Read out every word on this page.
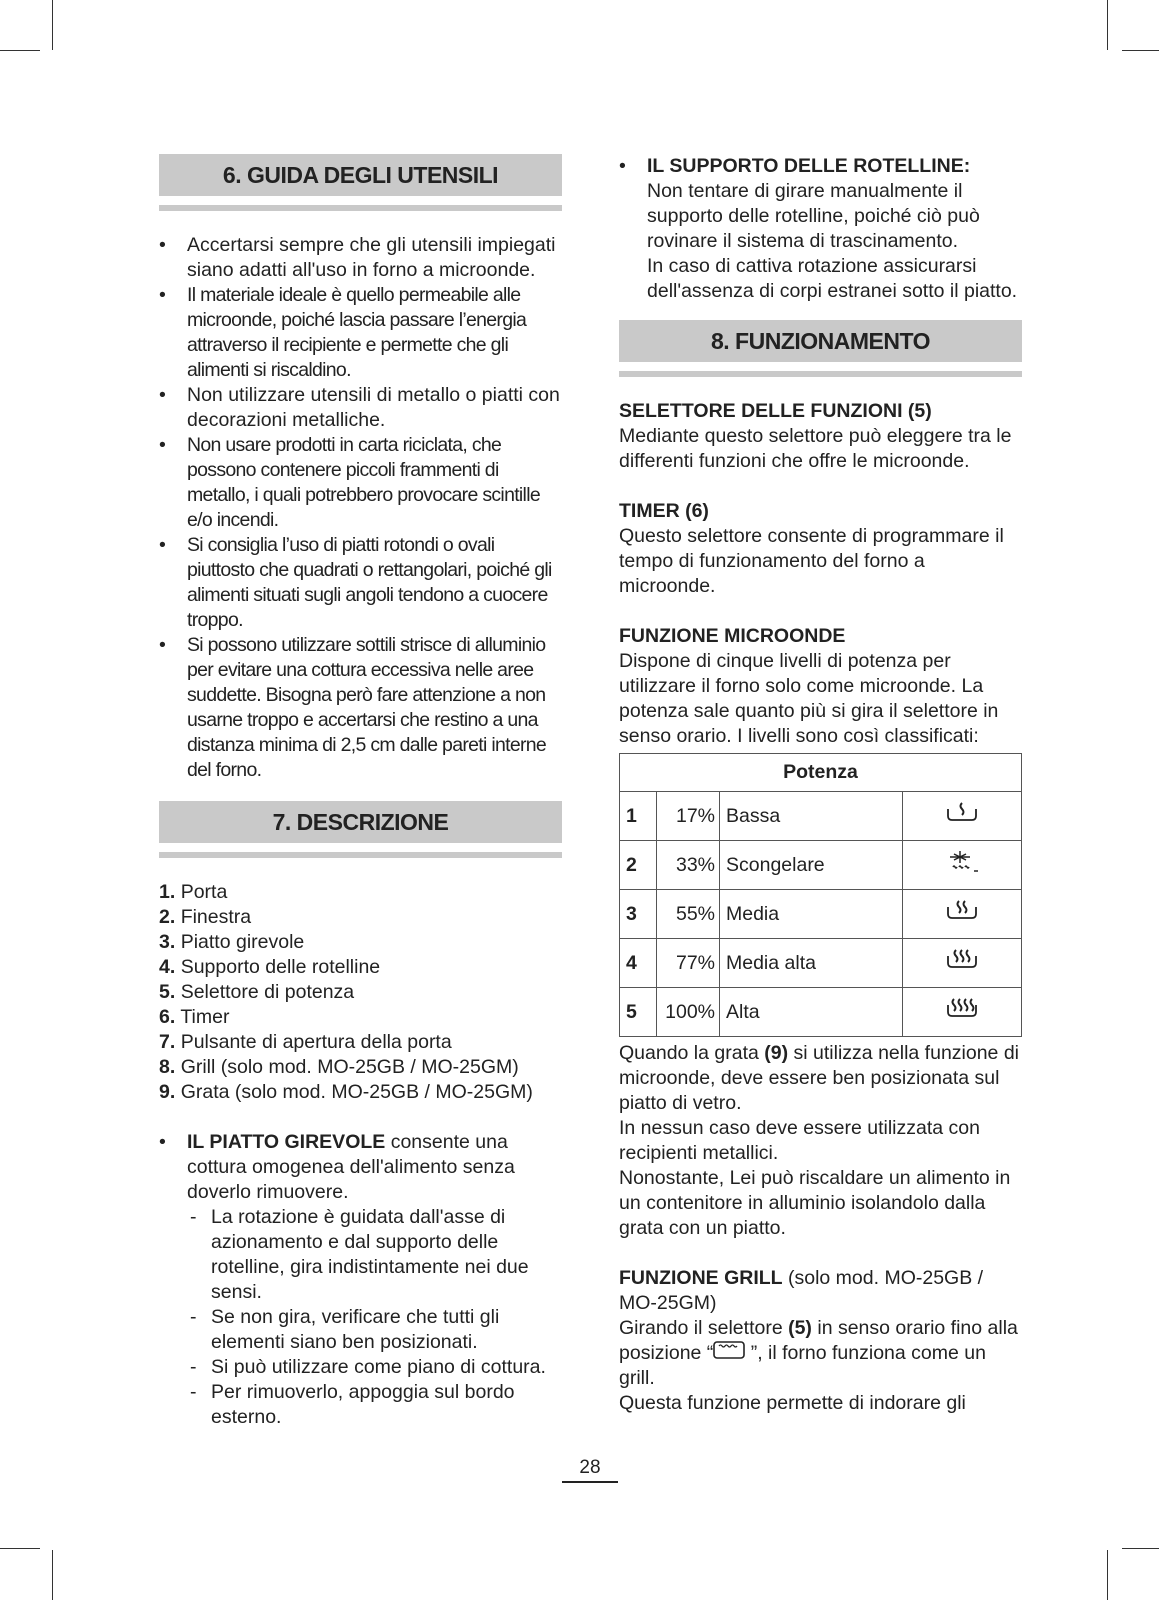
6. GUIDA DEGLI UTENSILI
• Accertarsi sempre che gli utensili impiegati siano adatti all'uso in forno a microonde.
• Il materiale ideale è quello permeabile alle microonde, poiché lascia passare l’energia attraverso il recipiente e permette che gli alimenti si riscaldino.
• Non utilizzare utensili di metallo o piatti con decorazioni metalliche.
• Non usare prodotti in carta riciclata, che possono contenere piccoli frammenti di metallo, i quali potrebbero provocare scintille e/o incendi.
• Si consiglia l’uso di piatti rotondi o ovali piuttosto che quadrati o rettangolari, poiché gli alimenti situati sugli angoli tendono a cuocere troppo.
• Si possono utilizzare sottili strisce di alluminio per evitare una cottura eccessiva nelle aree suddette. Bisogna però fare attenzione a non usarne troppo e accertarsi che restino a una distanza minima di 2,5 cm dalle pareti interne del forno.
7. DESCRIZIONE
1. Porta
2. Finestra
3. Piatto girevole
4. Supporto delle rotelline
5. Selettore di potenza
6. Timer
7. Pulsante di apertura della porta
8. Grill (solo mod. MO-25GB / MO-25GM)
9. Grata (solo mod. MO-25GB / MO-25GM)
• IL PIATTO GIREVOLE consente una cottura omogenea dell'alimento senza doverlo rimuovere.
- La rotazione è guidata dall'asse di azionamento e dal supporto delle rotelline, gira indistintamente nei due sensi.
- Se non gira, verificare che tutti gli elementi siano ben posizionati.
- Si può utilizzare come piano di cottura.
- Per rimuoverlo, appoggia sul bordo esterno.
• IL SUPPORTO DELLE ROTELLINE:
Non tentare di girare manualmente il supporto delle rotelline, poiché ciò può rovinare il sistema di trascinamento.
In caso di cattiva rotazione assicurarsi dell'assenza di corpi estranei sotto il piatto.
8. FUNZIONAMENTO

SELETTORE DELLE FUNZIONI (5)

Mediante questo selettore può eleggere tra le differenti funzioni che offre le microonde.

TIMER (6)

Questo selettore consente di programmare il tempo di funzionamento del forno a microonde.

FUNZIONE MICROONDE

Dispone di cinque livelli di potenza per utilizzare il forno solo come microonde. La potenza sale quanto più si gira il selettore in senso orario. I livelli sono così classificati:

Potenza			
1	17%	Bassa	
2	33%	Scongelare	
3	55%	Media	
4	77%	Media alta	
5	100%	Alta	

Quando la grata (9) si utilizza nella funzione di microonde, deve essere ben posizionata sul piatto di vetro.

In nessun caso deve essere utilizzata con recipienti metallici.

Nonostante, Lei può riscaldare un alimento in un contenitore in alluminio isolandolo dalla grata con un piatto.

FUNZIONE GRILL (solo mod. MO-25GB / MO-25GM)

Girando il selettore (5) in senso orario fino alla posizione “ ”, il forno funziona come un grill.

Questa funzione permette di indorare gli

28
